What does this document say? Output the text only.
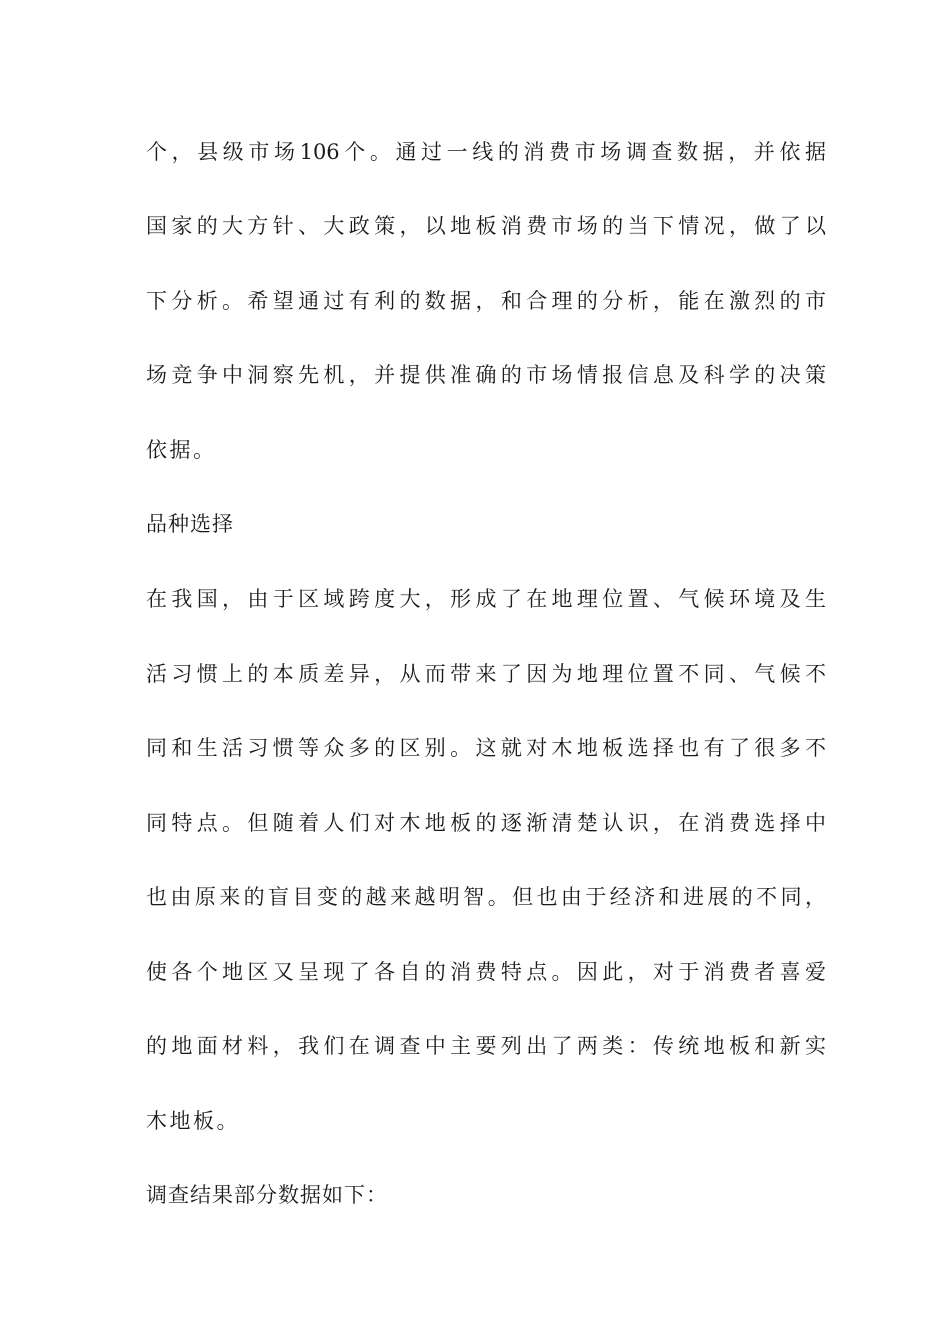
个，县级市场106个。通过一线的消费市场调查数据，并依据
国家的大方针、大政策，以地板消费市场的当下情况，做了以
下分析。希望通过有利的数据，和合理的分析，能在激烈的市
场竞争中洞察先机，并提供准确的市场情报信息及科学的决策
依据。
品种选择
在我国，由于区域跨度大，形成了在地理位置、气候环境及生
活习惯上的本质差异，从而带来了因为地理位置不同、气候不
同和生活习惯等众多的区别。这就对木地板选择也有了很多不
同特点。但随着人们对木地板的逐渐清楚认识，在消费选择中
也由原来的盲目变的越来越明智。但也由于经济和进展的不同，
使各个地区又呈现了各自的消费特点。因此，对于消费者喜爱
的地面材料，我们在调查中主要列出了两类：传统地板和新实
木地板。
调查结果部分数据如下：
